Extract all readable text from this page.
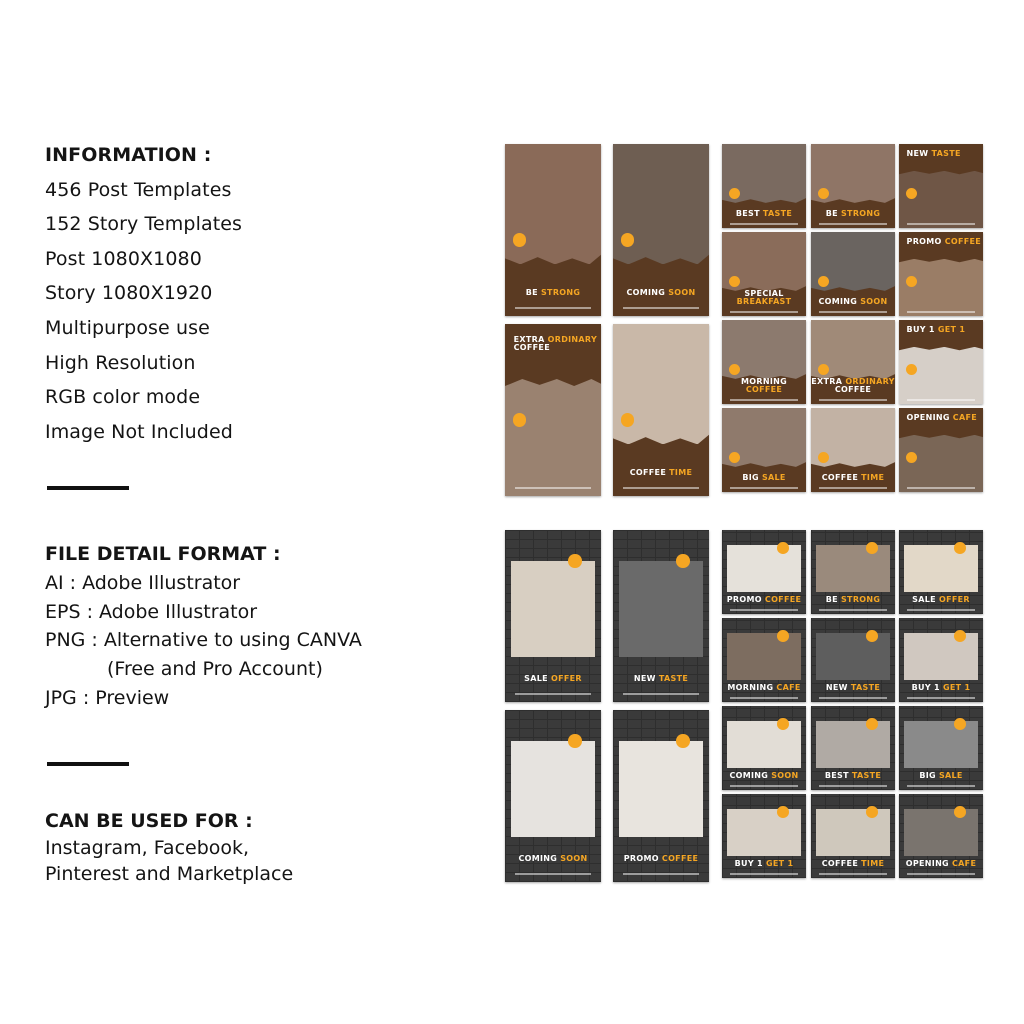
INFORMATION :
456 Post Templates
152 Story Templates
Post 1080X1080
Story 1080X1920
Multipurpose use
High Resolution
RGB color mode
Image Not Included
FILE DETAIL FORMAT :
AI : Adobe Illustrator
EPS : Adobe Illustrator
PNG : Alternative to using CANVA
(Free and Pro Account)
JPG : Preview
CAN BE USED FOR :
Instagram, Facebook,
Pinterest and Marketplace
BE STRONG	COMING SOON
EXTRA ORDINARY
COFFEE
COFFEE TIME
BEST TASTE	BE STRONG
NEW TASTE
SPECIAL BREAKFAST	COMING SOON
PROMO COFFEE
MORNING COFFEE
EXTRA ORDINARY
COFFEE
BUY 1 GET 1
BIG SALE	COFFEE TIME
OPENING CAFE
SALE OFFER	NEW TASTE
COMING SOON	PROMO COFFEE
PROMO COFFEE	BE STRONG	SALE OFFER
MORNING CAFE	NEW TASTE	BUY 1 GET 1
COMING SOON	BEST TASTE	BIG SALE
BUY 1 GET 1	COFFEE TIME	OPENING CAFE
